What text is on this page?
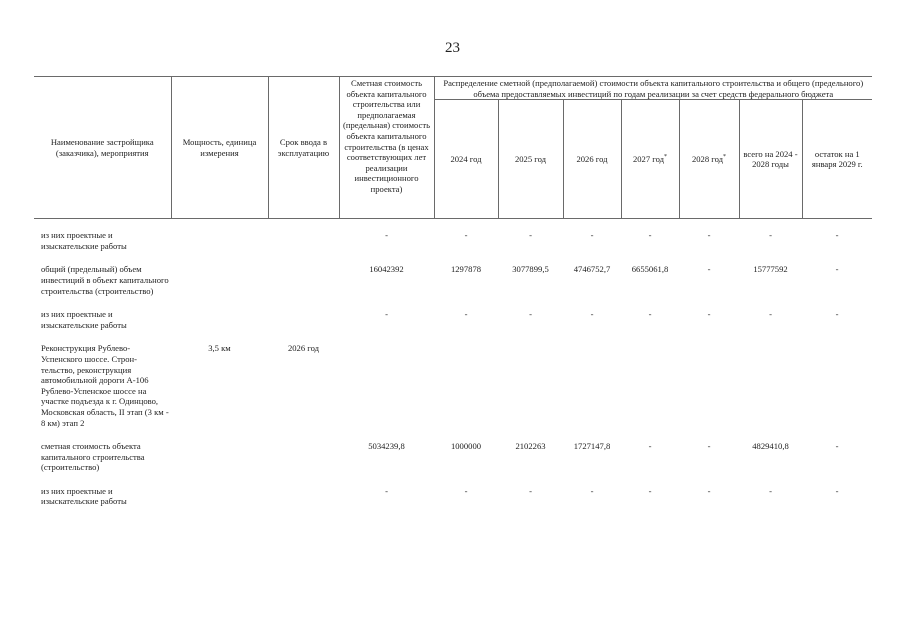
23
Наименование застройщика (заказчика), мероприятия	Мощность, единица измерения	Срок ввода в эксплуатацию	Сметная стоимость объекта капитального строительства или предполагаемая (предельная) стоимость объекта капитального строительства (в ценах соответствующих лет реализации инвестиционного проекта)	Распределение сметной (предполагаемой) стоимости объекта капитального строительства и общего (предельного) объема предоставляемых инвестиций по годам реализации за счет средств федерального бюджета						
				2024 год	2025 год	2026 год	2027 год*	2028 год*	всего на 2024 - 2028 годы	остаток на 1 января 2029 г.

из них проектные и изыскательские работы			-	-	-	-	-	-	-	-
общий (предельный) объем инвестиций в объект капитального строительства (строительство)			16042392	1297878	3077899,5	4746752,7	6655061,8	-	15777592	-
из них проектные и изыскательские работы			-	-	-	-	-	-	-	-
Реконструкция Рублево-Успенского шоссе. Строн-тельство, реконструкция автомобильной дороги А-106 Рублево-Успенское шоссе на участке подъезда к г. Одинцово, Московская область, II этап (3 км - 8 км) этап 2	3,5 км	2026 год								
сметная стоимость объекта капитального строительства (строительство)			5034239,8	1000000	2102263	1727147,8	-	-	4829410,8	-
из них проектные и изыскательские работы			-	-	-	-	-	-	-	-
